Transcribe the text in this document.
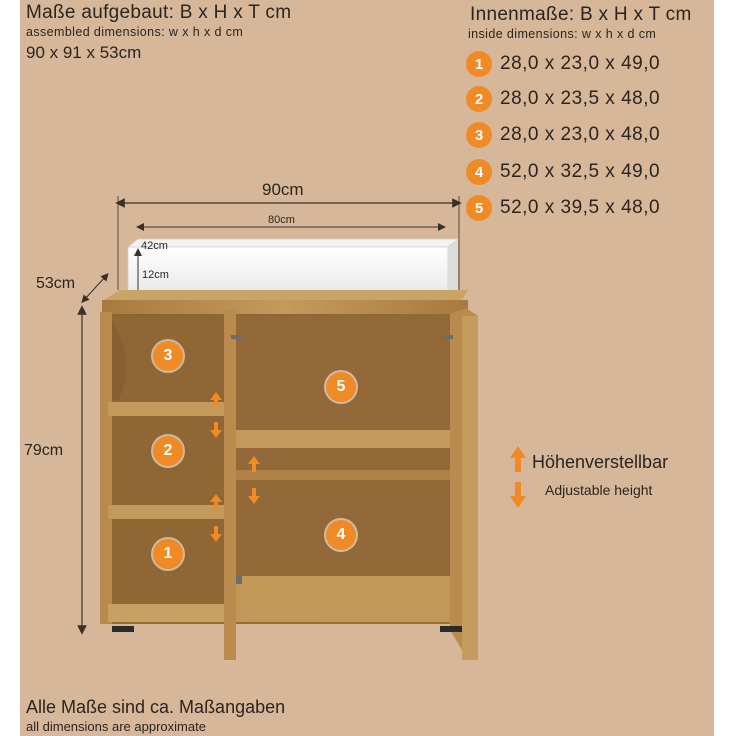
Maße aufgebaut: B x H x T cm
assembled dimensions: w x h x d cm
90 x 91 x 53cm
Innenmaße: B x H x T cm
inside dimensions: w x h x d cm
1 28,0 x 23,0 x 49,0
2 28,0 x 23,5 x 48,0
3 28,0 x 23,0 x 48,0
4 52,0 x 32,5 x 49,0
5 52,0 x 39,5 x 48,0
90cm
80cm
42cm
12cm
53cm
79cm
3
2
1
5
4
Höhenverstellbar
Adjustable height
Alle Maße sind ca. Maßangaben
all dimensions are approximate
